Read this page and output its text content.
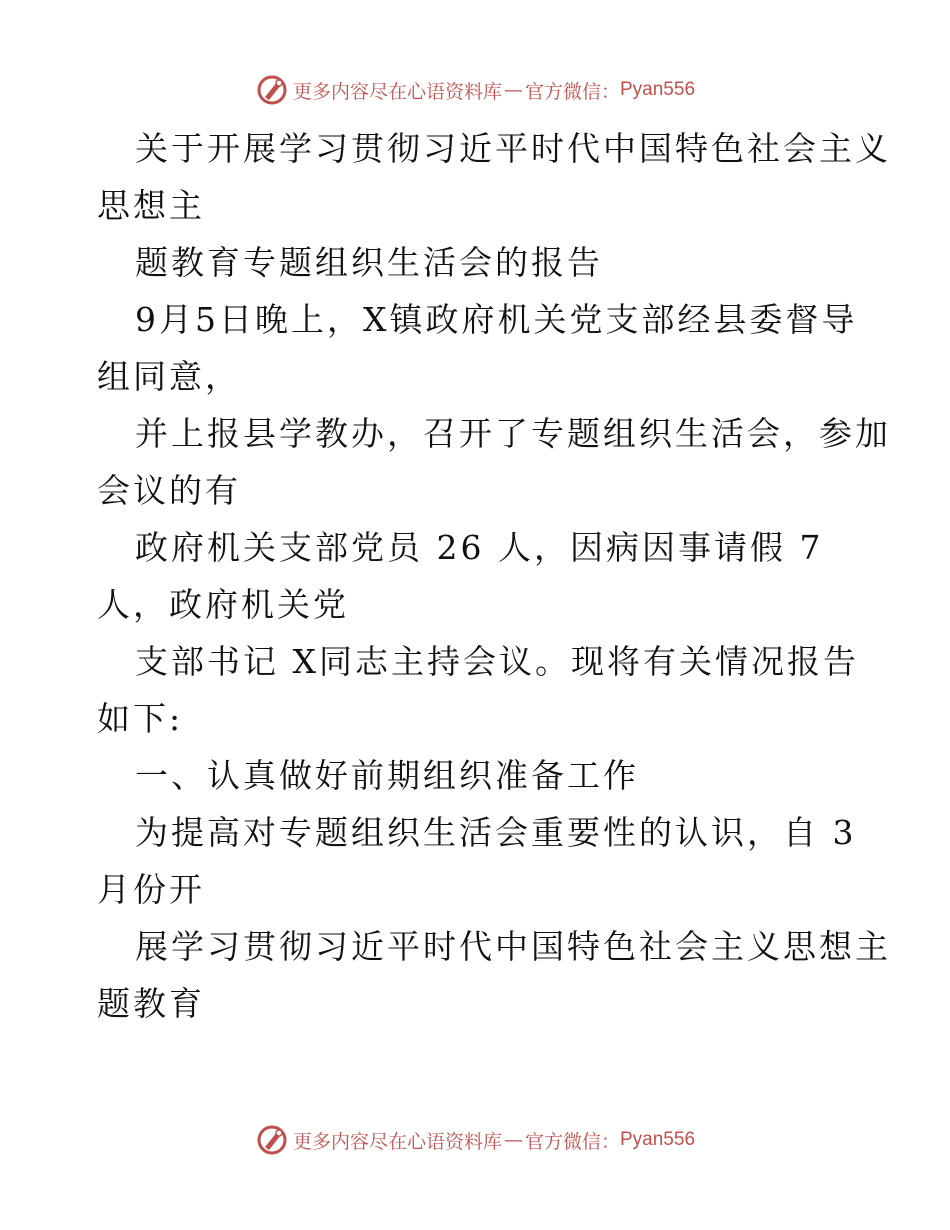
更多内容尽在心语资料库 — 官方微信： Pyan556
关于开展学习贯彻习近平时代中国特色社会主义
思想主
题教育专题组织生活会的报告
9月5日晚上，X镇政府机关党支部经县委督导
组同意，
并上报县学教办，召开了专题组织生活会，参加
会议的有
政府机关支部党员 26 人，因病因事请假 7
人，政府机关党
支部书记 X同志主持会议。现将有关情况报告
如下:
一、认真做好前期组织准备工作
为提高对专题组织生活会重要性的认识，自 3
月份开
展学习贯彻习近平时代中国特色社会主义思想主
题教育
更多内容尽在心语资料库 — 官方微信： Pyan556
